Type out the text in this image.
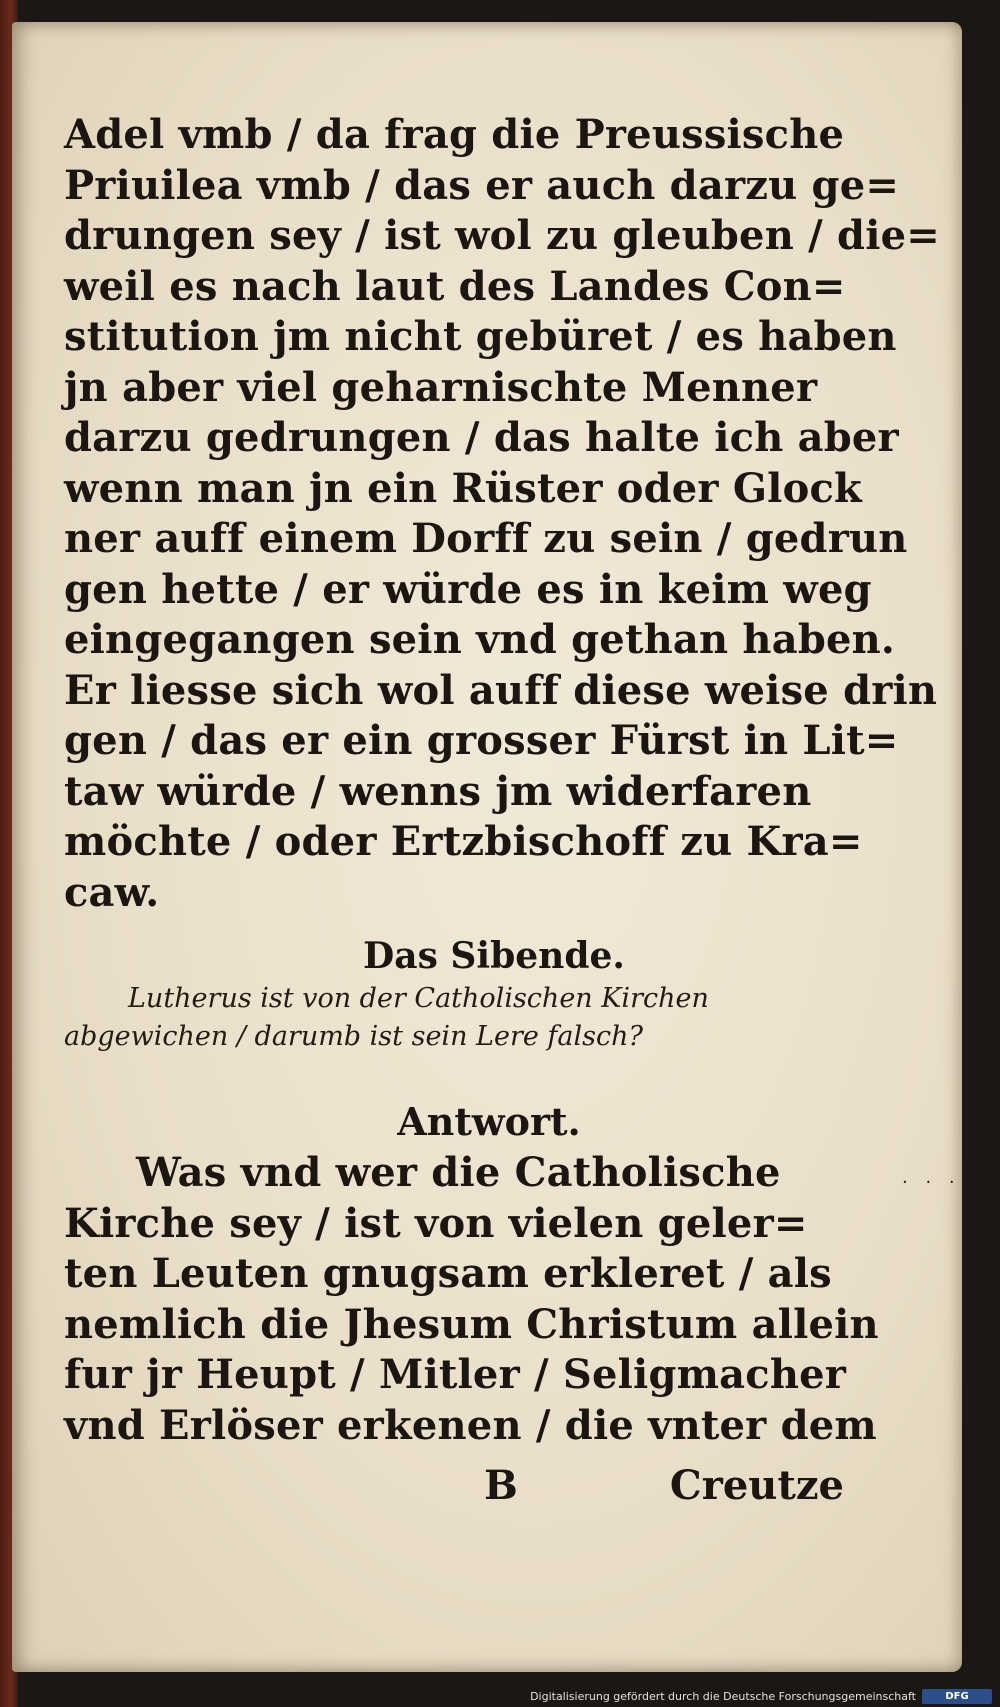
Adel vmb / da frag die Preussische
Priuilea vmb / das er auch darzu ge=
drungen sey / ist wol zu gleuben / die=
weil es nach laut des Landes Con=
stitution jm nicht gebüret / es haben
jn aber viel geharnischte Menner
darzu gedrungen / das halte ich aber
wenn man jn ein Rüster oder Glock
ner auff einem Dorff zu sein / gedrun
gen hette / er würde es in keim weg
eingegangen sein vnd gethan haben.
Er liesse sich wol auff diese weise drin
gen / das er ein grosser Fürst in Lit=
taw würde / wenns jm widerfaren
möchte / oder Ertzbischoff zu Kra=
caw.
Das Sibende.
Lutherus ist von der Catholischen Kirchen
abgewichen / darumb ist sein Lere falsch?
Antwort.
Was vnd wer die Catholische
Kirche sey / ist von vielen geler=
ten Leuten gnugsam erkleret / als
nemlich die Jhesum Christum allein
fur jr Heupt / Mitler / Seligmacher
vnd Erlöser erkenen / die vnter dem
B	Creutze
· · ·
Digitalisierung gefördert durch die Deutsche Forschungsgemeinschaft	DFG
